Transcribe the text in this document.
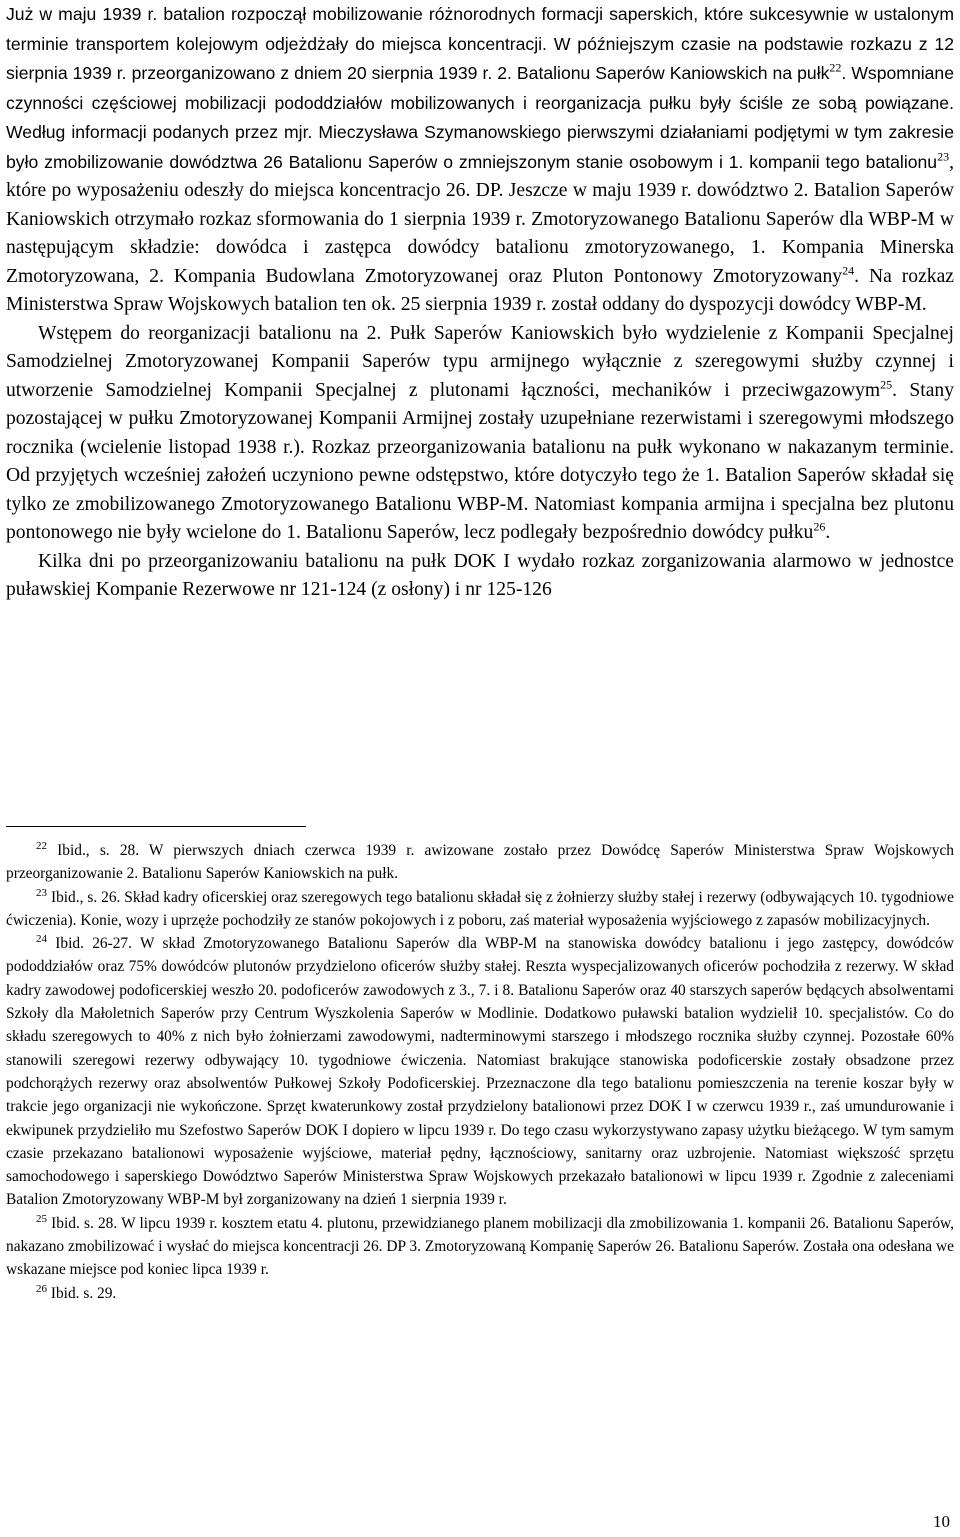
Już w maju 1939 r. batalion rozpoczął mobilizowanie różnorodnych formacji saperskich, które sukcesywnie w ustalonym terminie transportem kolejowym odjeżdżały do miejsca koncentracji. W późniejszym czasie na podstawie rozkazu z 12 sierpnia 1939 r. przeorganizowano z dniem 20 sierpnia 1939 r. 2. Batalionu Saperów Kaniowskich na pułk$^{22}$. Wspomniane czynności częściowej mobilizacji pododdziałów mobilizowanych i reorganizacja pułku były ściśle ze sobą powiązane. Według informacji podanych przez mjr. Mieczysława Szymanowskiego pierwszymi działaniami podjętymi w tym zakresie było zmobilizowanie dowództwa 26 Batalionu Saperów o zmniejszonym stanie osobowym i 1. kompanii tego batalionu$^{23}$, które po wyposażeniu odeszły do miejsca koncentracjo 26. DP. Jeszcze w maju 1939 r. dowództwo 2. Batalion Saperów Kaniowskich otrzymało rozkaz sformowania do 1 sierpnia 1939 r. Zmotoryzowanego Batalionu Saperów dla WBP-M w następującym składzie: dowódca i zastępca dowódcy batalionu zmotoryzowanego, 1. Kompania Minerska Zmotoryzowana, 2. Kompania Budowlana Zmotoryzowanej oraz Pluton Pontonowy Zmotoryzowany$^{24}$. Na rozkaz Ministerstwa Spraw Wojskowych batalion ten ok. 25 sierpnia 1939 r. został oddany do dyspozycji dowódcy WBP-M.

Wstępem do reorganizacji batalionu na 2. Pułk Saperów Kaniowskich było wydzielenie z Kompanii Specjalnej Samodzielnej Zmotoryzowanej Kompanii Saperów typu armijnego wyłącznie z szeregowymi służby czynnej i utworzenie Samodzielnej Kompanii Specjalnej z plutonami łączności, mechaników i przeciwgazowym$^{25}$. Stany pozostającej w pułku Zmotoryzowanej Kompanii Armijnej zostały uzupełniane rezerwistami i szeregowymi młodszego rocznika (wcielenie listopad 1938 r.). Rozkaz przeorganizowania batalionu na pułk wykonano w nakazanym terminie. Od przyjętych wcześniej założeń uczyniono pewne odstępstwo, które dotyczyło tego że 1. Batalion Saperów składał się tylko ze zmobilizowanego Zmotoryzowanego Batalionu WBP-M. Natomiast kompania armijna i specjalna bez plutonu pontonowego nie były wcielone do 1. Batalionu Saperów, lecz podlegały bezpośrednio dowódcy pułku$^{26}$.

Kilka dni po przeorganizowaniu batalionu na pułk DOK I wydało rozkaz zorganizowania alarmowo w jednostce puławskiej Kompanie Rezerwowe nr 121-124 (z osłony) i nr 125-126

$^{22}$ Ibid., s. 28. W pierwszych dniach czerwca 1939 r. awizowane zostało przez Dowódcę Saperów Ministerstwa Spraw Wojskowych przeorganizowanie 2. Batalionu Saperów Kaniowskich na pułk.

$^{23}$ Ibid., s. 26. Skład kadry oficerskiej oraz szeregowych tego batalionu składał się z żołnierzy służby stałej i rezerwy (odbywających 10. tygodniowe ćwiczenia). Konie, wozy i uprzęże pochodziły ze stanów pokojowych i z poboru, zaś materiał wyposażenia wyjściowego z zapasów mobilizacyjnych.

$^{24}$ Ibid. 26-27. W skład Zmotoryzowanego Batalionu Saperów dla WBP-M na stanowiska dowódcy batalionu i jego zastępcy, dowódców pododdziałów oraz 75% dowódców plutonów przydzielono oficerów służby stałej. Reszta wyspecjalizowanych oficerów pochodziła z rezerwy. W skład kadry zawodowej podoficerskiej weszło 20. podoficerów zawodowych z 3., 7. i 8. Batalionu Saperów oraz 40 starszych saperów będących absolwentami Szkoły dla Małoletnich Saperów przy Centrum Wyszkolenia Saperów w Modlinie. Dodatkowo puławski batalion wydzielił 10. specjalistów. Co do składu szeregowych to 40% z nich było żołnierzami zawodowymi, nadterminowymi starszego i młodszego rocznika służby czynnej. Pozostałe 60% stanowili szeregowi rezerwy odbywający 10. tygodniowe ćwiczenia. Natomiast brakujące stanowiska podoficerskie zostały obsadzone przez podchorążych rezerwy oraz absolwentów Pułkowej Szkoły Podoficerskiej. Przeznaczone dla tego batalionu pomieszczenia na terenie koszar były w trakcie jego organizacji nie wykończone. Sprzęt kwaterunkowy został przydzielony batalionowi przez DOK I w czerwcu 1939 r., zaś umundurowanie i ekwipunek przydzieliło mu Szefostwo Saperów DOK I dopiero w lipcu 1939 r. Do tego czasu wykorzystywano zapasy użytku bieżącego. W tym samym czasie przekazano batalionowi wyposażenie wyjściowe, materiał pędny, łącznościowy, sanitarny oraz uzbrojenie. Natomiast większość sprzętu samochodowego i saperskiego Dowództwo Saperów Ministerstwa Spraw Wojskowych przekazało batalionowi w lipcu 1939 r. Zgodnie z zaleceniami Batalion Zmotoryzowany WBP-M był zorganizowany na dzień 1 sierpnia 1939 r.

$^{25}$ Ibid. s. 28. W lipcu 1939 r. kosztem etatu 4. plutonu, przewidzianego planem mobilizacji dla zmobilizowania 1. kompanii 26. Batalionu Saperów, nakazano zmobilizować i wysłać do miejsca koncentracji 26. DP 3. Zmotoryzowaną Kompanię Saperów 26. Batalionu Saperów. Została ona odesłana we wskazane miejsce pod koniec lipca 1939 r.

$^{26}$ Ibid. s. 29.

10
